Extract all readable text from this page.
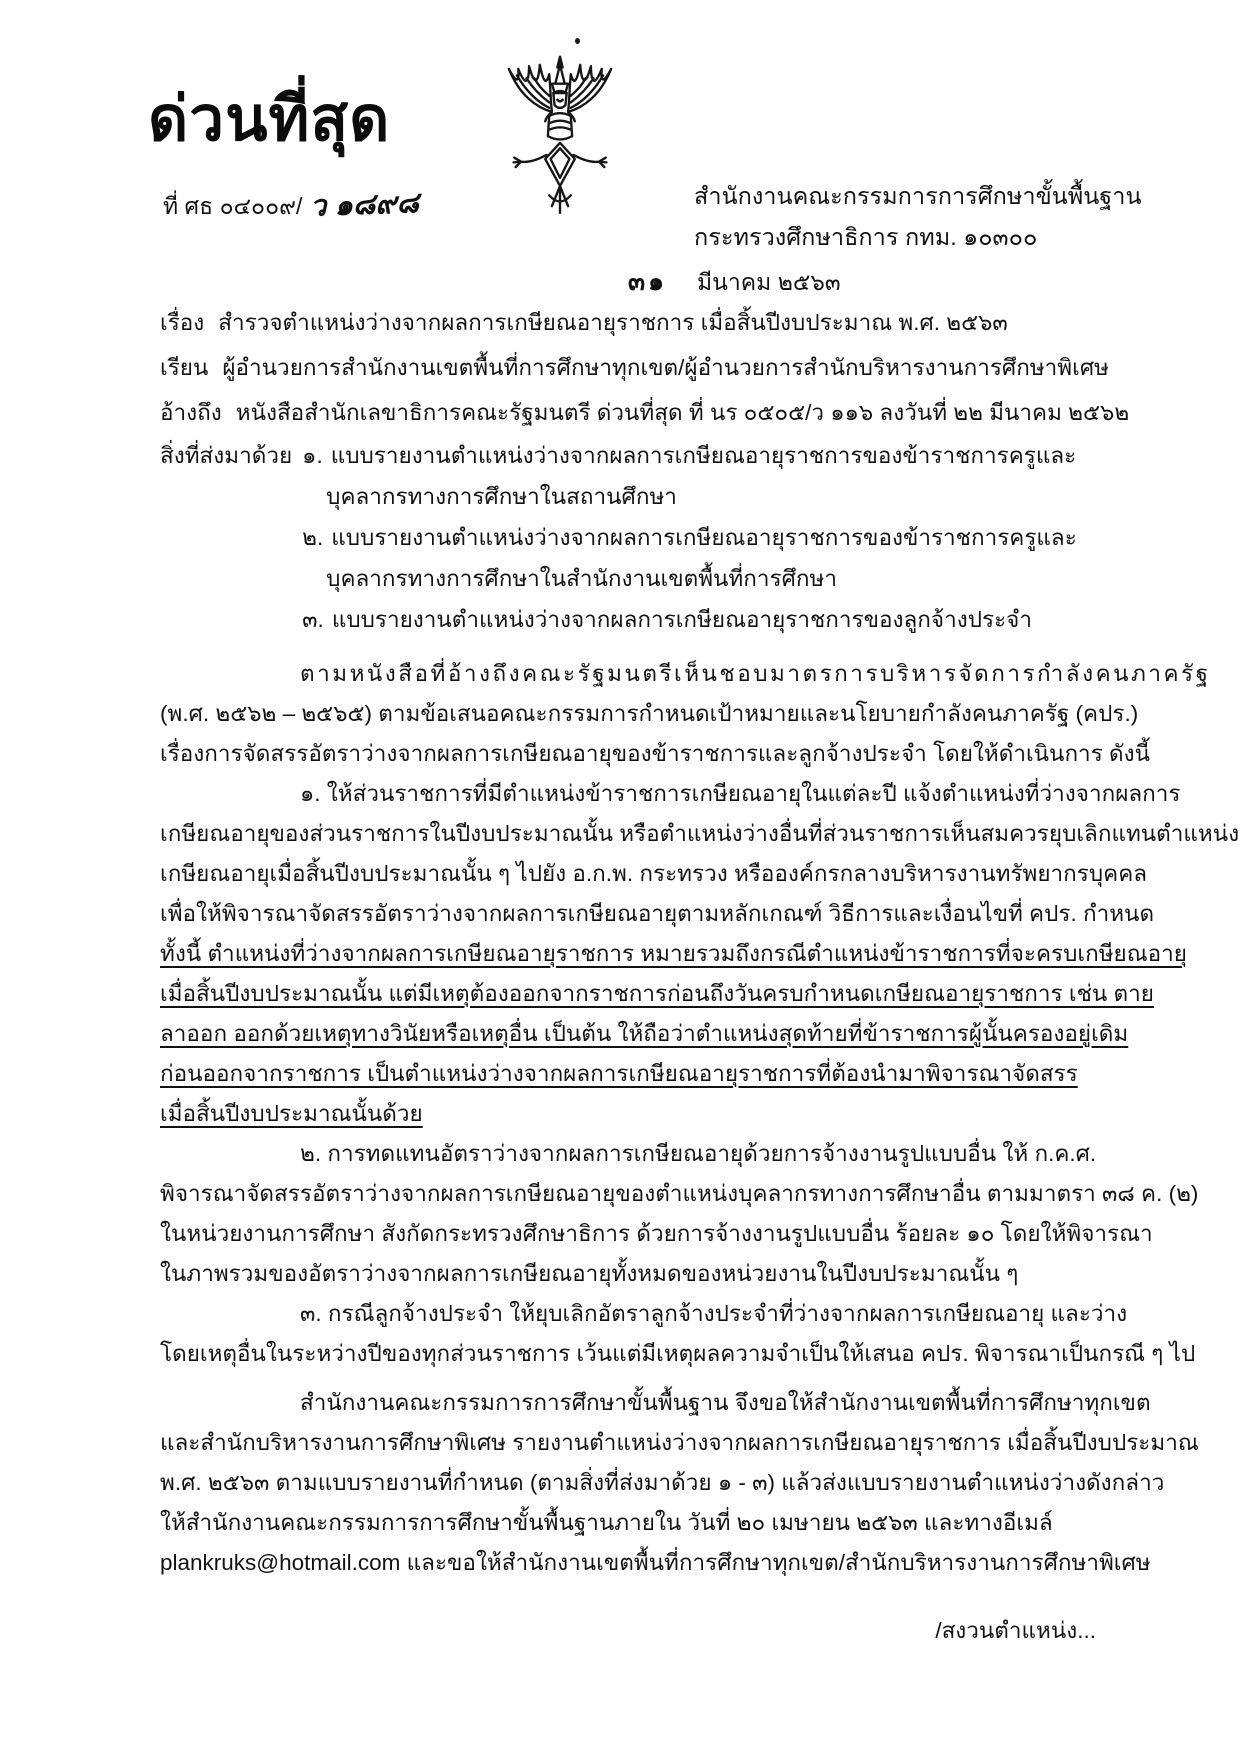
ด่วนที่สุด
ที่ ศธ ๐๔๐๐๙/ ว ๑๘๙๘	สำนักงานคณะกรรมการการศึกษาขั้นพื้นฐาน
กระทรวงศึกษาธิการ กทม. ๑๐๓๐๐
๓๑ มีนาคม ๒๕๖๓
เรื่อง สำรวจตำแหน่งว่างจากผลการเกษียณอายุราชการ เมื่อสิ้นปีงบประมาณ พ.ศ. ๒๕๖๓
เรียน ผู้อำนวยการสำนักงานเขตพื้นที่การศึกษาทุกเขต/ผู้อำนวยการสำนักบริหารงานการศึกษาพิเศษ
อ้างถึง หนังสือสำนักเลขาธิการคณะรัฐมนตรี ด่วนที่สุด ที่ นร ๐๕๐๕/ว ๑๑๖ ลงวันที่ ๒๒ มีนาคม ๒๕๖๒
สิ่งที่ส่งมาด้วย ๑. แบบรายงานตำแหน่งว่างจากผลการเกษียณอายุราชการของข้าราชการครูและ
บุคลากรทางการศึกษาในสถานศึกษา
๒. แบบรายงานตำแหน่งว่างจากผลการเกษียณอายุราชการของข้าราชการครูและ
บุคลากรทางการศึกษาในสำนักงานเขตพื้นที่การศึกษา
๓. แบบรายงานตำแหน่งว่างจากผลการเกษียณอายุราชการของลูกจ้างประจำ
ตามหนังสือที่อ้างถึงคณะรัฐมนตรีเห็นชอบมาตรการบริหารจัดการกำลังคนภาครัฐ
(พ.ศ. ๒๕๖๒ – ๒๕๖๕) ตามข้อเสนอคณะกรรมการกำหนดเป้าหมายและนโยบายกำลังคนภาครัฐ (คปร.)
เรื่องการจัดสรรอัตราว่างจากผลการเกษียณอายุของข้าราชการและลูกจ้างประจำ โดยให้ดำเนินการ ดังนี้
๑. ให้ส่วนราชการที่มีตำแหน่งข้าราชการเกษียณอายุในแต่ละปี แจ้งตำแหน่งที่ว่างจากผลการ
เกษียณอายุของส่วนราชการในปีงบประมาณนั้น หรือตำแหน่งว่างอื่นที่ส่วนราชการเห็นสมควรยุบเลิกแทนตำแหน่ง
เกษียณอายุเมื่อสิ้นปีงบประมาณนั้น ๆ ไปยัง อ.ก.พ. กระทรวง หรือองค์กรกลางบริหารงานทรัพยากรบุคคล
เพื่อให้พิจารณาจัดสรรอัตราว่างจากผลการเกษียณอายุตามหลักเกณฑ์ วิธีการและเงื่อนไขที่ คปร. กำหนด
ทั้งนี้ ตำแหน่งที่ว่างจากผลการเกษียณอายุราชการ หมายรวมถึงกรณีตำแหน่งข้าราชการที่จะครบเกษียณอายุ
เมื่อสิ้นปีงบประมาณนั้น แต่มีเหตุต้องออกจากราชการก่อนถึงวันครบกำหนดเกษียณอายุราชการ เช่น ตาย
ลาออก ออกด้วยเหตุทางวินัยหรือเหตุอื่น เป็นต้น ให้ถือว่าตำแหน่งสุดท้ายที่ข้าราชการผู้นั้นครองอยู่เดิม
ก่อนออกจากราชการ เป็นตำแหน่งว่างจากผลการเกษียณอายุราชการที่ต้องนำมาพิจารณาจัดสรร
เมื่อสิ้นปีงบประมาณนั้นด้วย
๒. การทดแทนอัตราว่างจากผลการเกษียณอายุด้วยการจ้างงานรูปแบบอื่น ให้ ก.ค.ศ.
พิจารณาจัดสรรอัตราว่างจากผลการเกษียณอายุของตำแหน่งบุคลากรทางการศึกษาอื่น ตามมาตรา ๓๘ ค. (๒)
ในหน่วยงานการศึกษา สังกัดกระทรวงศึกษาธิการ ด้วยการจ้างงานรูปแบบอื่น ร้อยละ ๑๐ โดยให้พิจารณา
ในภาพรวมของอัตราว่างจากผลการเกษียณอายุทั้งหมดของหน่วยงานในปีงบประมาณนั้น ๆ
๓. กรณีลูกจ้างประจำ ให้ยุบเลิกอัตราลูกจ้างประจำที่ว่างจากผลการเกษียณอายุ และว่าง
โดยเหตุอื่นในระหว่างปีของทุกส่วนราชการ เว้นแต่มีเหตุผลความจำเป็นให้เสนอ คปร. พิจารณาเป็นกรณี ๆ ไป
สำนักงานคณะกรรมการการศึกษาขั้นพื้นฐาน จึงขอให้สำนักงานเขตพื้นที่การศึกษาทุกเขต
และสำนักบริหารงานการศึกษาพิเศษ รายงานตำแหน่งว่างจากผลการเกษียณอายุราชการ เมื่อสิ้นปีงบประมาณ
พ.ศ. ๒๕๖๓ ตามแบบรายงานที่กำหนด (ตามสิ่งที่ส่งมาด้วย ๑ - ๓) แล้วส่งแบบรายงานตำแหน่งว่างดังกล่าว
ให้สำนักงานคณะกรรมการการศึกษาขั้นพื้นฐานภายใน วันที่ ๒๐ เมษายน ๒๕๖๓ และทางอีเมล์
plankruks@hotmail.com และขอให้สำนักงานเขตพื้นที่การศึกษาทุกเขต/สำนักบริหารงานการศึกษาพิเศษ
/สงวนตำแหน่ง...
